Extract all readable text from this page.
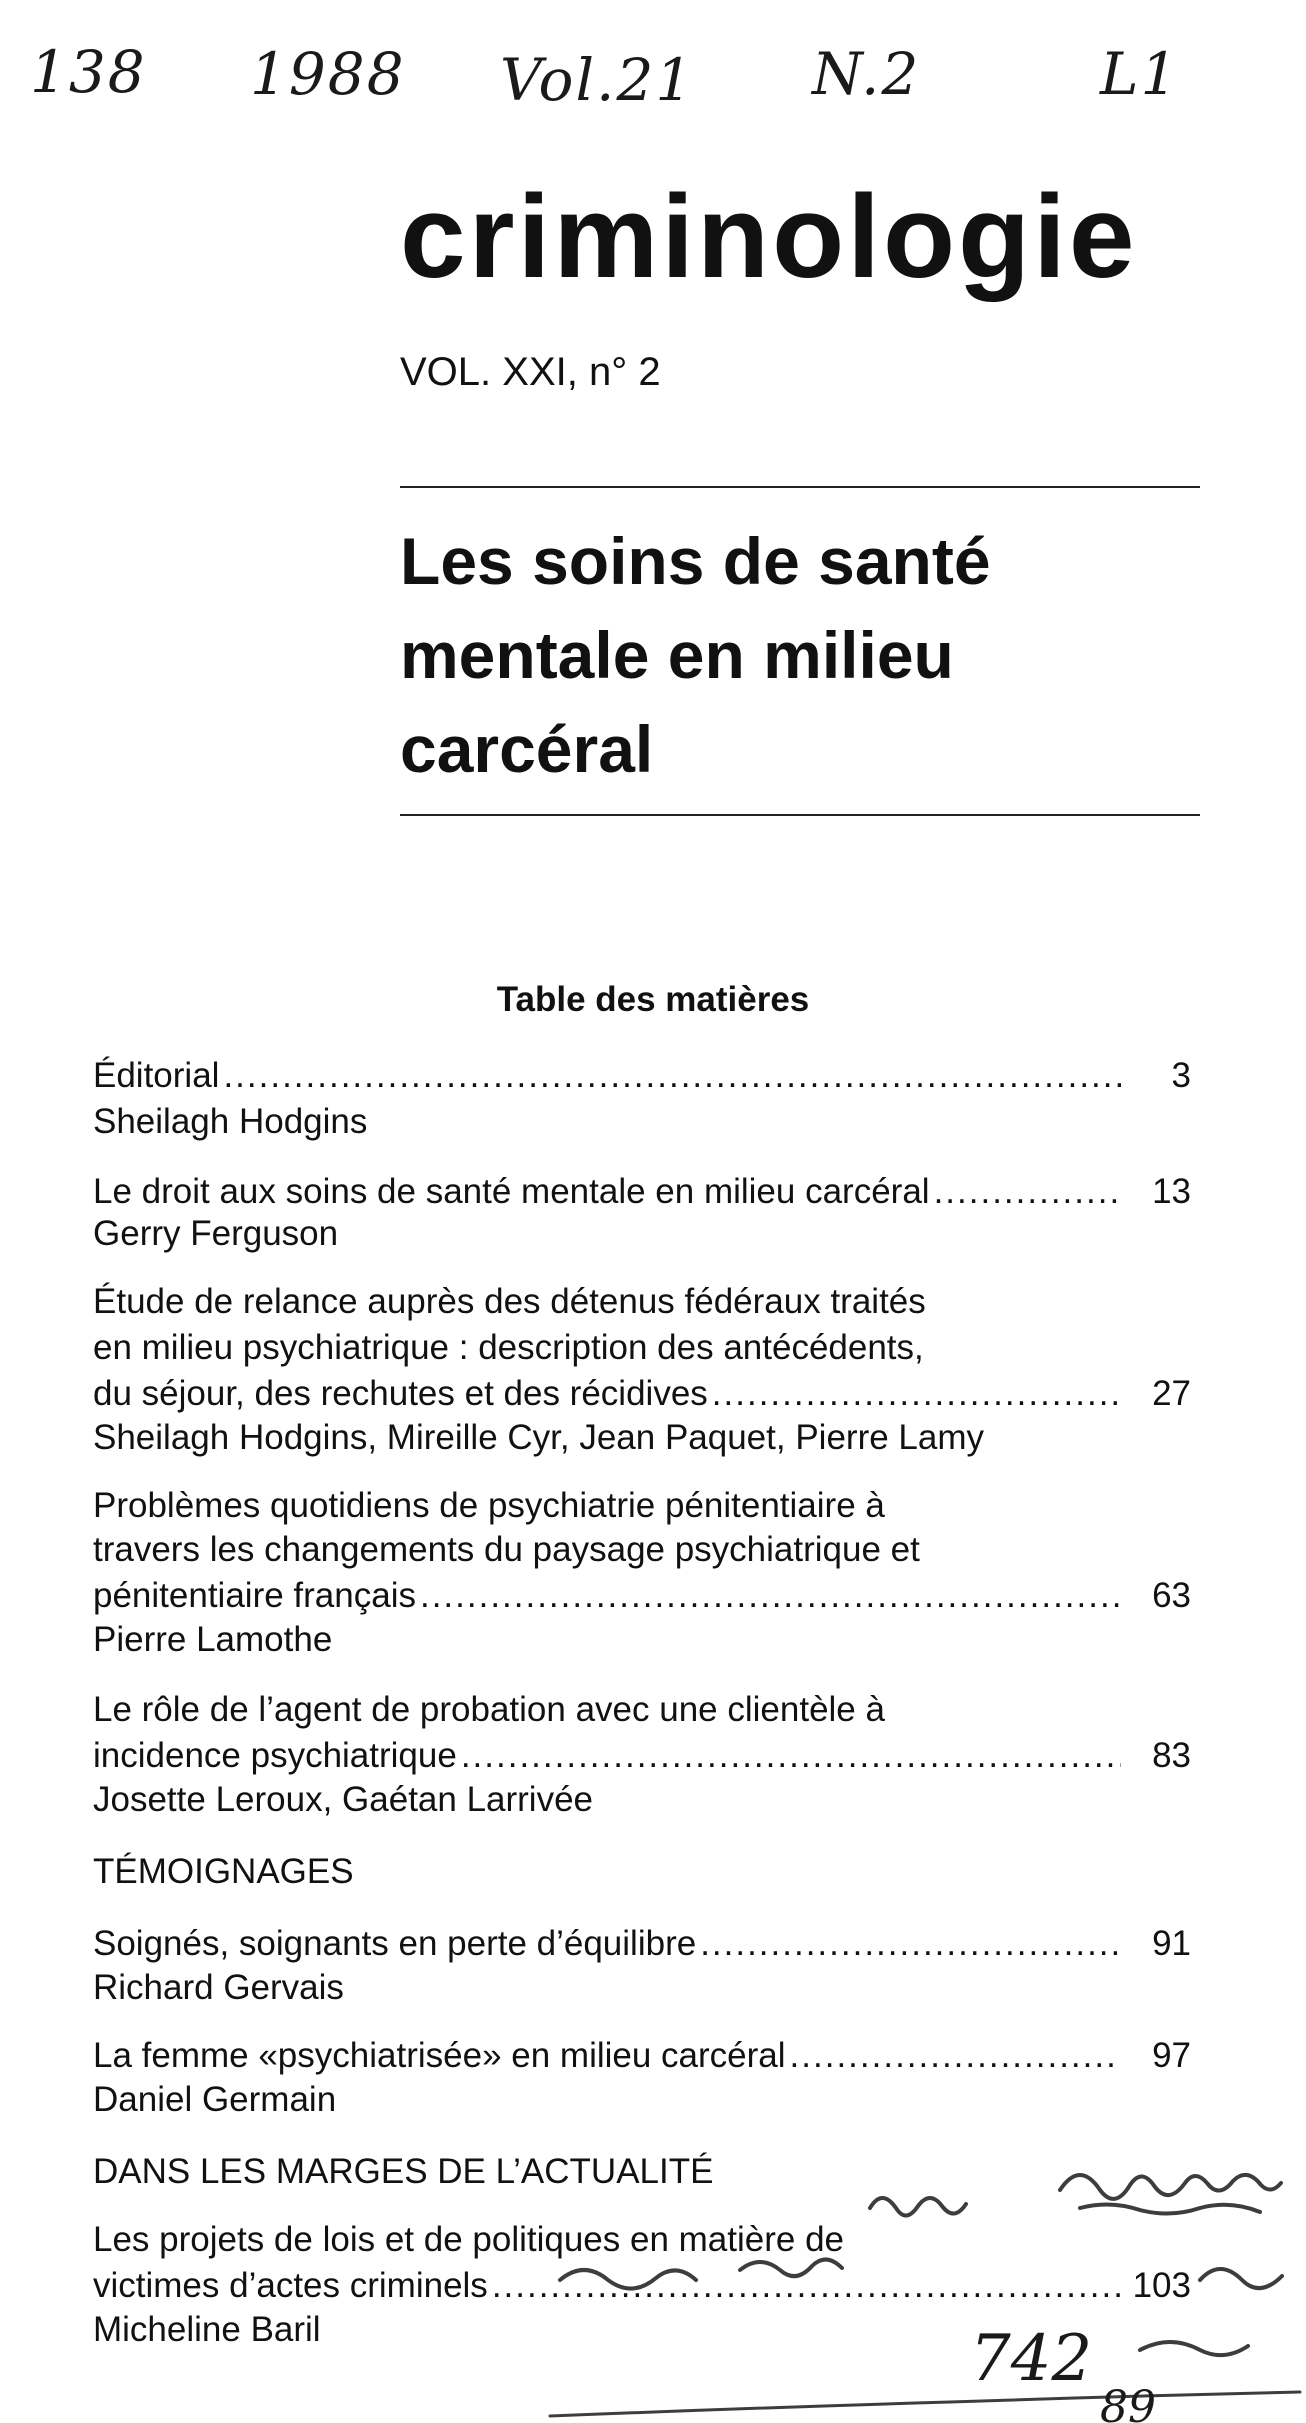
138 1988 Vol.21 N.2	L1
criminologie
VOL. XXI, n° 2
Les soins de santé
mentale en milieu
carcéral
Table des matières
Éditorial .....	3
Sheilagh Hodgins
Le droit aux soins de santé mentale en milieu carcéral .....	13
Gerry Ferguson
Étude de relance auprès des détenus fédéraux traités
en milieu psychiatrique : description des antécédents,
du séjour, des rechutes et des récidives .....	27
Sheilagh Hodgins, Mireille Cyr, Jean Paquet, Pierre Lamy
Problèmes quotidiens de psychiatrie pénitentiaire à
travers les changements du paysage psychiatrique et
pénitentiaire français .....	63
Pierre Lamothe
Le rôle de l’agent de probation avec une clientèle à
incidence psychiatrique .....	83
Josette Leroux, Gaétan Larrivée
TÉMOIGNAGES
Soignés, soignants en perte d’équilibre .....	91
Richard Gervais
La femme «psychiatrisée» en milieu carcéral .....	97
Daniel Germain
DANS LES MARGES DE L’ACTUALITÉ
Les projets de lois et de politiques en matière de
victimes d’actes criminels .....	103
Micheline Baril	742
89
